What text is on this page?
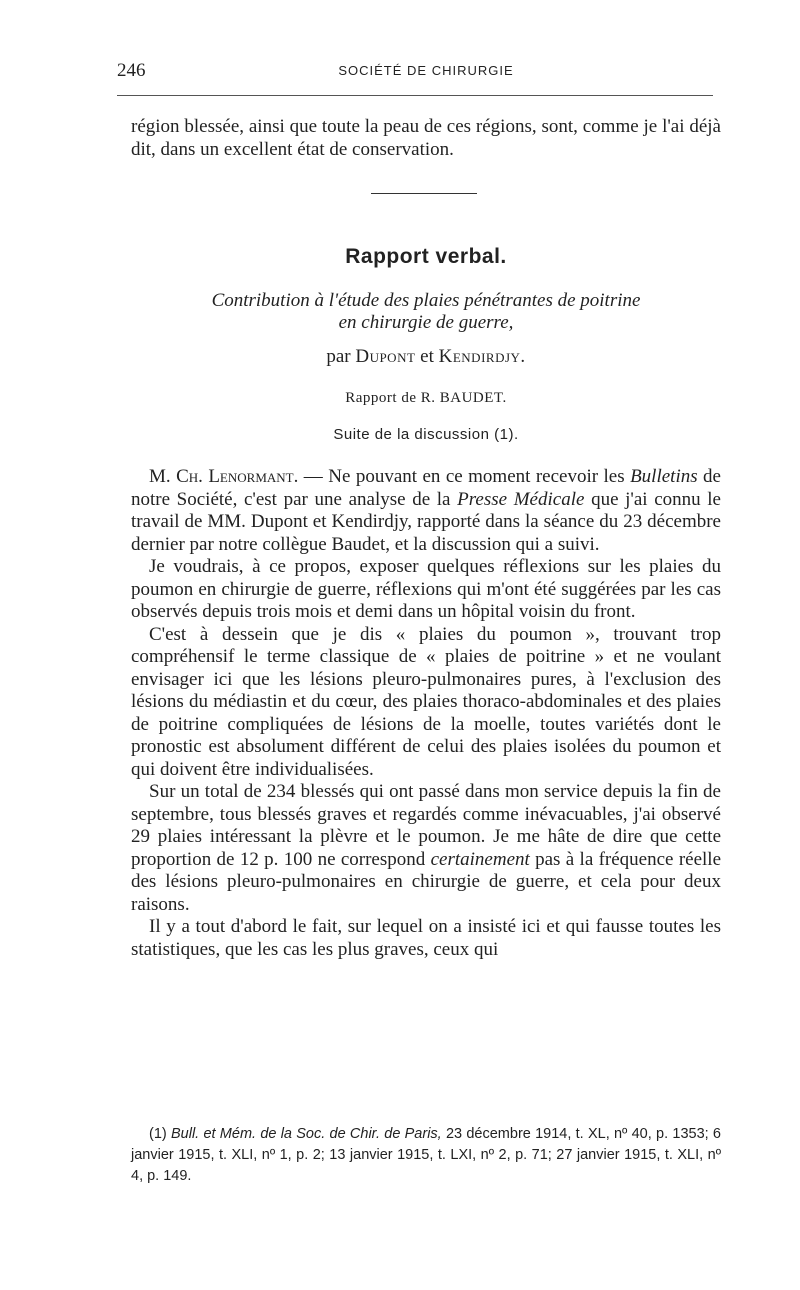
246	SOCIÉTÉ DE CHIRURGIE
région blessée, ainsi que toute la peau de ces régions, sont, comme je l'ai déjà dit, dans un excellent état de conservation.
Rapport verbal.
Contribution à l'étude des plaies pénétrantes de poitrine
en chirurgie de guerre,
par Dupont et Kendirdjy.
Rapport de R. BAUDET.
Suite de la discussion (1).

M. Ch. Lenormant. — Ne pouvant en ce moment recevoir les Bulletins de notre Société, c'est par une analyse de la Presse Médicale que j'ai connu le travail de MM. Dupont et Kendirdjy, rapporté dans la séance du 23 décembre dernier par notre collègue Baudet, et la discussion qui a suivi.

Je voudrais, à ce propos, exposer quelques réflexions sur les plaies du poumon en chirurgie de guerre, réflexions qui m'ont été suggérées par les cas observés depuis trois mois et demi dans un hôpital voisin du front.

C'est à dessein que je dis « plaies du poumon », trouvant trop compréhensif le terme classique de « plaies de poitrine » et ne voulant envisager ici que les lésions pleuro-pulmonaires pures, à l'exclusion des lésions du médiastin et du cœur, des plaies thoraco-abdominales et des plaies de poitrine compliquées de lésions de la moelle, toutes variétés dont le pronostic est absolument différent de celui des plaies isolées du poumon et qui doivent être individualisées.

Sur un total de 234 blessés qui ont passé dans mon service depuis la fin de septembre, tous blessés graves et regardés comme inévacuables, j'ai observé 29 plaies intéressant la plèvre et le poumon. Je me hâte de dire que cette proportion de 12 p. 100 ne correspond certainement pas à la fréquence réelle des lésions pleuro-pulmonaires en chirurgie de guerre, et cela pour deux raisons.

Il y a tout d'abord le fait, sur lequel on a insisté ici et qui fausse toutes les statistiques, que les cas les plus graves, ceux qui

(1) Bull. et Mém. de la Soc. de Chir. de Paris, 23 décembre 1914, t. XL, nº 40, p. 1353; 6 janvier 1915, t. XLI, nº 1, p. 2; 13 janvier 1915, t. LXI, nº 2, p. 71; 27 janvier 1915, t. XLI, nº 4, p. 149.
